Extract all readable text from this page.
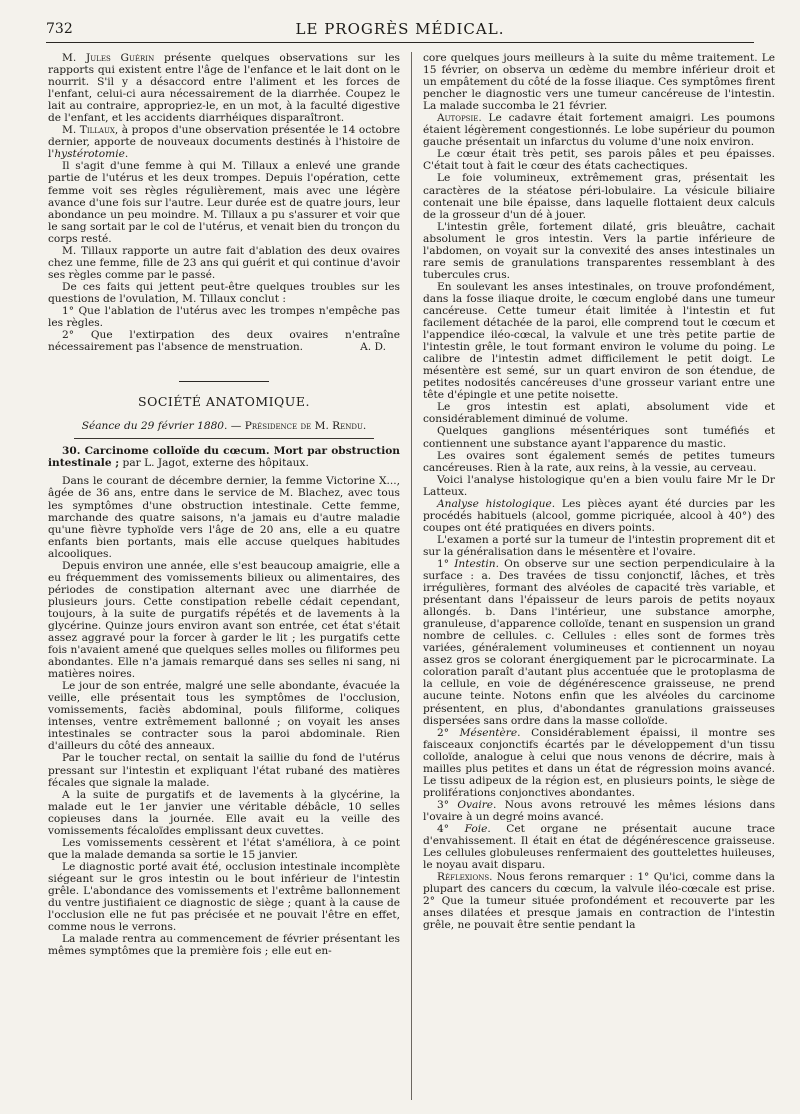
732	LE PROGRÈS MÉDICAL.

M. Jules Guérin présente quelques observations sur les rapports qui existent entre l'âge de l'enfance et le lait dont on le nourrit. S'il y a désaccord entre l'aliment et les forces de l'enfant, celui-ci aura nécessairement de la diarrhée. Coupez le lait au contraire, appropriez-le, en un mot, à la faculté digestive de l'enfant, et les accidents diarrhéiques disparaîtront.

M. Tillaux, à propos d'une observation présentée le 14 octobre dernier, apporte de nouveaux documents destinés à l'histoire de l'hystérotomie.

Il s'agit d'une femme à qui M. Tillaux a enlevé une grande partie de l'utérus et les deux trompes. Depuis l'opération, cette femme voit ses règles régulièrement, mais avec une légère avance d'une fois sur l'autre. Leur durée est de quatre jours, leur abondance un peu moindre. M. Tillaux a pu s'assurer et voir que le sang sortait par le col de l'utérus, et venait bien du tronçon du corps resté.

M. Tillaux rapporte un autre fait d'ablation des deux ovaires chez une femme, fille de 23 ans qui guérit et qui continue d'avoir ses règles comme par le passé.

De ces faits qui jettent peut-être quelques troubles sur les questions de l'ovulation, M. Tillaux conclut :

1° Que l'ablation de l'utérus avec les trompes n'empêche pas les règles.

2° Que l'extirpation des deux ovaires n'entraîne nécessairement pas l'absence de menstruation.	A. D.

SOCIÉTÉ ANATOMIQUE.

Séance du 29 février 1880. — Présidence de M. Rendu.

30. Carcinome colloïde du cœcum. Mort par obstruction intestinale ; par L. Jagot, externe des hôpitaux.

Dans le courant de décembre dernier, la femme Victorine X..., âgée de 36 ans, entre dans le service de M. Blachez, avec tous les symptômes d'une obstruction intestinale. Cette femme, marchande des quatre saisons, n'a jamais eu d'autre maladie qu'une fièvre typhoïde vers l'âge de 20 ans, elle a eu quatre enfants bien portants, mais elle accuse quelques habitudes alcooliques.

Depuis environ une année, elle s'est beaucoup amaigrie, elle a eu fréquemment des vomissements bilieux ou alimentaires, des périodes de constipation alternant avec une diarrhée de plusieurs jours. Cette constipation rebelle cédait cependant, toujours, à la suite de purgatifs répétés et de lavements à la glycérine. Quinze jours environ avant son entrée, cet état s'était assez aggravé pour la forcer à garder le lit ; les purgatifs cette fois n'avaient amené que quelques selles molles ou filiformes peu abondantes. Elle n'a jamais remarqué dans ses selles ni sang, ni matières noires.

Le jour de son entrée, malgré une selle abondante, évacuée la veille, elle présentait tous les symptômes de l'occlusion, vomissements, faciès abdominal, pouls filiforme, coliques intenses, ventre extrêmement ballonné ; on voyait les anses intestinales se contracter sous la paroi abdominale. Rien d'ailleurs du côté des anneaux.

Par le toucher rectal, on sentait la saillie du fond de l'utérus pressant sur l'intestin et expliquant l'état rubané des matières fécales que signale la malade.

A la suite de purgatifs et de lavements à la glycérine, la malade eut le 1er janvier une véritable débâcle, 10 selles copieuses dans la journée. Elle avait eu la veille des vomissements fécaloïdes emplissant deux cuvettes.

Les vomissements cessèrent et l'état s'améliora, à ce point que la malade demanda sa sortie le 15 janvier.

Le diagnostic porté avait été, occlusion intestinale incomplète siégeant sur le gros intestin ou le bout inférieur de l'intestin grêle. L'abondance des vomissements et l'extrême ballonnement du ventre justifiaient ce diagnostic de siège ; quant à la cause de l'occlusion elle ne fut pas précisée et ne pouvait l'être en effet, comme nous le verrons.

La malade rentra au commencement de février présentant les mêmes symptômes que la première fois ; elle eut en-

core quelques jours meilleurs à la suite du même traitement. Le 15 février, on observa un œdème du membre inférieur droit et un empâtement du côté de la fosse iliaque. Ces symptômes firent pencher le diagnostic vers une tumeur cancéreuse de l'intestin. La malade succomba le 21 février.

Autopsie. Le cadavre était fortement amaigri. Les poumons étaient légèrement congestionnés. Le lobe supérieur du poumon gauche présentait un infarctus du volume d'une noix environ.

Le cœur était très petit, ses parois pâles et peu épaisses. C'était tout à fait le cœur des états cachectiques.

Le foie volumineux, extrêmement gras, présentait les caractères de la stéatose péri-lobulaire. La vésicule biliaire contenait une bile épaisse, dans laquelle flottaient deux calculs de la grosseur d'un dé à jouer.

L'intestin grêle, fortement dilaté, gris bleuâtre, cachait absolument le gros intestin. Vers la partie inférieure de l'abdomen, on voyait sur la convexité des anses intestinales un rare semis de granulations transparentes ressemblant à des tubercules crus.

En soulevant les anses intestinales, on trouve profondément, dans la fosse iliaque droite, le cœcum englobé dans une tumeur cancéreuse. Cette tumeur était limitée à l'intestin et fut facilement détachée de la paroi, elle comprend tout le cœcum et l'appendice iléo-cœcal, la valvule et une très petite partie de l'intestin grêle, le tout formant environ le volume du poing. Le calibre de l'intestin admet difficilement le petit doigt. Le mésentère est semé, sur un quart environ de son étendue, de petites nodosités cancéreuses d'une grosseur variant entre une tête d'épingle et une petite noisette.

Le gros intestin est aplati, absolument vide et considérablement diminué de volume.

Quelques ganglions mésentériques sont tuméfiés et contiennent une substance ayant l'apparence du mastic.

Les ovaires sont également semés de petites tumeurs cancéreuses. Rien à la rate, aux reins, à la vessie, au cerveau.

Voici l'analyse histologique qu'en a bien voulu faire Mr le Dr Latteux.

Analyse histologique. Les pièces ayant été durcies par les procédés habituels (alcool, gomme picriquée, alcool à 40°) des coupes ont été pratiquées en divers points.

L'examen a porté sur la tumeur de l'intestin proprement dit et sur la généralisation dans le mésentère et l'ovaire.

1° Intestin. On observe sur une section perpendiculaire à la surface : a. Des travées de tissu conjonctif, lâches, et très irrégulières, formant des alvéoles de capacité très variable, et présentant dans l'épaisseur de leurs parois de petits noyaux allongés. b. Dans l'intérieur, une substance amorphe, granuleuse, d'apparence colloïde, tenant en suspension un grand nombre de cellules. c. Cellules : elles sont de formes très variées, généralement volumineuses et contiennent un noyau assez gros se colorant énergiquement par le picrocarminate. La coloration paraît d'autant plus accentuée que le protoplasma de la cellule, en voie de dégénérescence graisseuse, ne prend aucune teinte. Notons enfin que les alvéoles du carcinome présentent, en plus, d'abondantes granulations graisseuses dispersées sans ordre dans la masse colloïde.

2° Mésentère. Considérablement épaissi, il montre ses faisceaux conjonctifs écartés par le développement d'un tissu colloïde, analogue à celui que nous venons de décrire, mais à mailles plus petites et dans un état de régression moins avancé. Le tissu adipeux de la région est, en plusieurs points, le siège de proliférations conjonctives abondantes.

3° Ovaire. Nous avons retrouvé les mêmes lésions dans l'ovaire à un degré moins avancé.

4° Foie. Cet organe ne présentait aucune trace d'envahissement. Il était en état de dégénérescence graisseuse. Les cellules globuleuses renfermaient des gouttelettes huileuses, le noyau avait disparu.

Réflexions. Nous ferons remarquer : 1° Qu'ici, comme dans la plupart des cancers du cœcum, la valvule iléo-cœcale est prise. 2° Que la tumeur située profondément et recouverte par les anses dilatées et presque jamais en contraction de l'intestin grêle, ne pouvait être sentie pendant la
